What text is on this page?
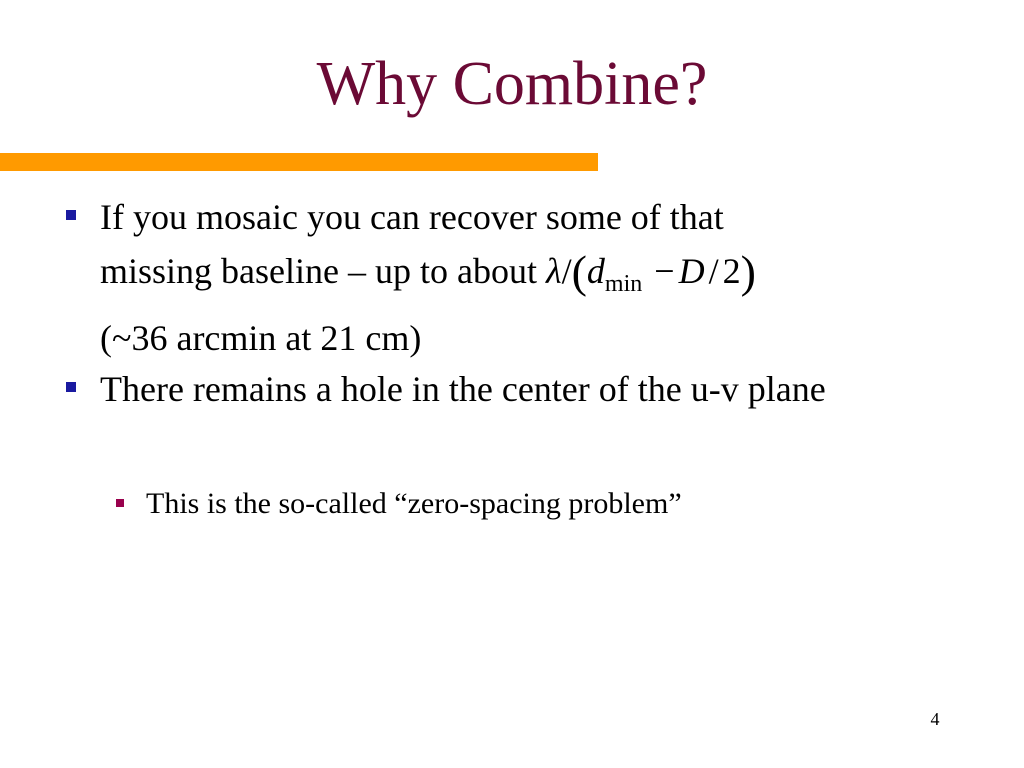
Why Combine?
If you mosaic you can recover some of that
missing baseline – up to about $\lambda/(d_{min} - D / 2)$
(~36 arcmin at 21 cm)
There remains a hole in the center of the u-v plane
This is the so-called “zero-spacing problem”
4
